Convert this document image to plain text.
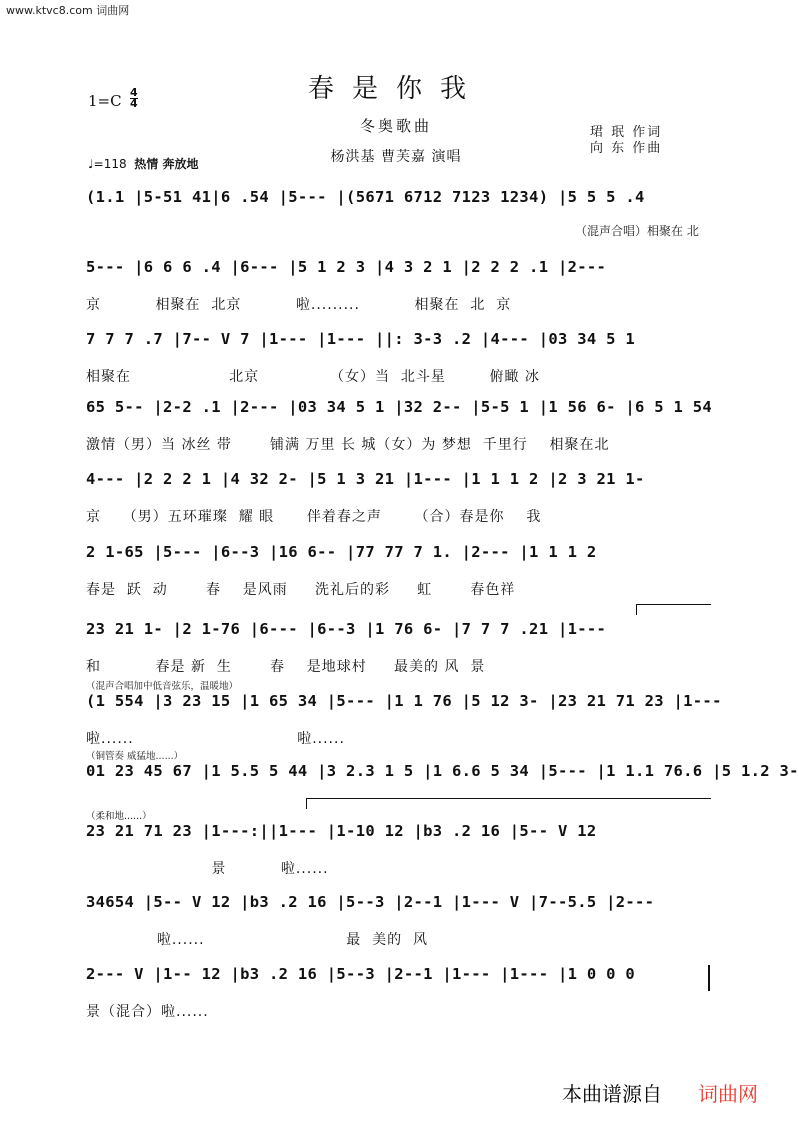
www.ktvc8.com 词曲网
1=C 4
4	春是你我
冬奥歌曲
杨洪基 曹芙嘉 演唱
珺 珉 作词
向 东 作曲
♩=118 热情 奔放地
（混声合唱）相聚在 北
(1.1 |5-51 41|6 .54 |5--- |(5671 6712 7123 1234) |5 5 5 .4
5--- |6 6 6 .4 |6--- |5 1 2 3 |4 3 2 1 |2 2 2 .1 |2---
京          相聚在  北京          啦.........          相聚在  北  京
7 7 7 .7 |7-- V 7 |1--- |1--- ||: 3-3 .2 |4--- |03 34 5 1
相聚在                  北京             （女）当  北斗星        俯瞰 冰
65 5-- |2-2 .1 |2--- |03 34 5 1 |32 2-- |5-5 1 |1 56 6- |6 5 1 54
激情（男）当 冰丝 带       铺满 万里 长 城（女）为 梦想  千里行    相聚在北
4--- |2 2 2 1 |4 32 2- |5 1 3 21 |1--- |1 1 1 2 |2 3 21 1-
京    （男）五环璀璨  耀 眼      伴着春之声      （合）春是你    我
2 1-65 |5--- |6--3 |16 6-- |77 77 7 1. |2--- |1 1 1 2
春是  跃  动       春    是风雨     洗礼后的彩     虹       春色祥
23 21 1- |2 1-76 |6--- |6--3 |1 76 6- |7 7 7 .21 |1---
和          春是 新  生       春    是地球村     最美的 风  景
（混声合唱加中低音弦乐，温暖地）
(1 554 |3 23 15 |1 65 34 |5--- |1 1 76 |5 12 3- |23 21 71 23 |1---
啦......                              啦......
（铜管奏 威猛地......）
01 23 45 67 |1 5.5 5 44 |3 2.3 1 5 |1 6.6 5 34 |5--- |1 1.1 76.6 |5 1.2 3-
（柔和地......）
23 21 71 23 |1---:||1--- |1-10 12 |b3 .2 16 |5-- V 12
景          啦......
34654 |5-- V 12 |b3 .2 16 |5--3 |2--1 |1--- V |7--5.5 |2---
啦......                          最  美的  风
2--- V |1-- 12 |b3 .2 16 |5--3 |2--1 |1--- |1--- |1 0 0 0
景（混合）啦......
本曲谱源自 词曲网
